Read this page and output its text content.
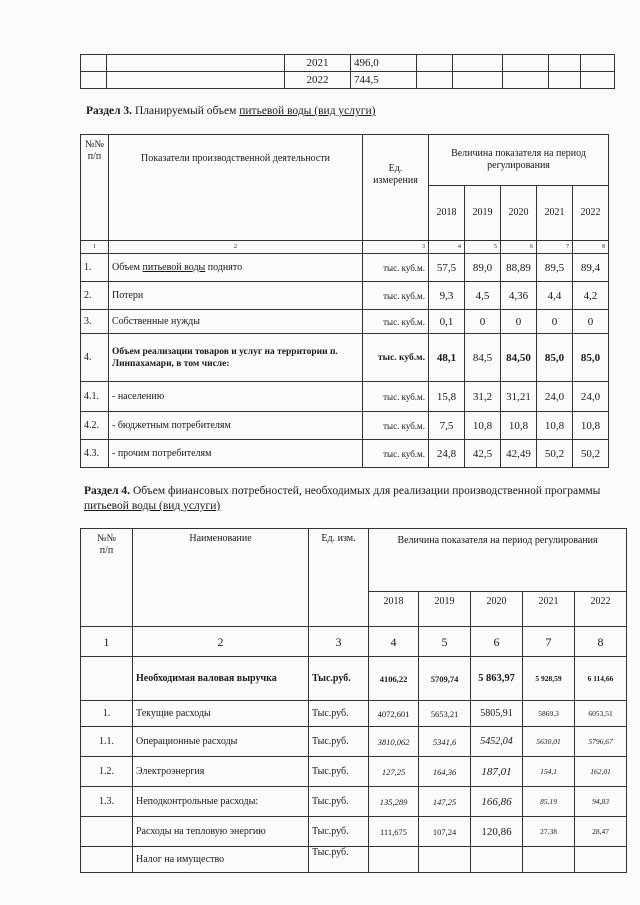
		2021	496,0					
		2022	744,5					
Раздел 3. Планируемый объем питьевой воды (вид услуги)
№№ п/п	Показатели производственной деятельности	Ед. измерения	Величина показателя на период регулирования				
			2018	2019	2020	2021	2022
1	2	3	4	5	6	7	8
1.	Объем питьевой воды поднято	тыс. куб.м.	57,5	89,0	88,89	89,5	89,4
2.	Потери	тыс. куб.м.	9,3	4,5	4,36	4,4	4,2
3.	Собственные нужды	тыс. куб.м.	0,1	0	0	0	0
4.	Объем реализации товаров и услуг на территории п. Линпахамари, в том числе:	тыс. куб.м.	48,1	84,5	84,50	85,0	85,0
4.1.	- населению	тыс. куб.м.	15,8	31,2	31,21	24,0	24,0
4.2.	- бюджетным потребителям	тыс. куб.м.	7,5	10,8	10,8	10,8	10,8
4.3.	- прочим потребителям	тыс. куб.м.	24,8	42,5	42,49	50,2	50,2
Раздел 4. Объем финансовых потребностей, необходимых для реализации производственной программы питьевой воды (вид услуги)
№№ п/п	Наименование	Ед. изм.	Величина показателя на период регулирования				
			2018	2019	2020	2021	2022
1	2	3	4	5	6	7	8
	Необходимая валовая выручка	Тыс.руб.	4106,22	5709,74	5 863,97	5 928,59	6 114,66
1.	Текущие расходы	Тыс.руб.	4072,601	5653,21	5805,91	5869,3	6053,51
1.1.	Операционные расходы	Тыс.руб.	3810,062	5341,6	5452,04	5630,01	5796,67
1.2.	Электроэнергия	Тыс.руб.	127,25	164,36	187,01	154,1	162,01
1.3.	Неподконтрольные расходы:	Тыс.руб.	135,289	147,25	166,86	85,19	94,83
	Расходы на тепловую энергию	Тыс.руб.	111,675	107,24	120,86	27,38	28,47
	Налог на имущество	Тыс.руб.					
